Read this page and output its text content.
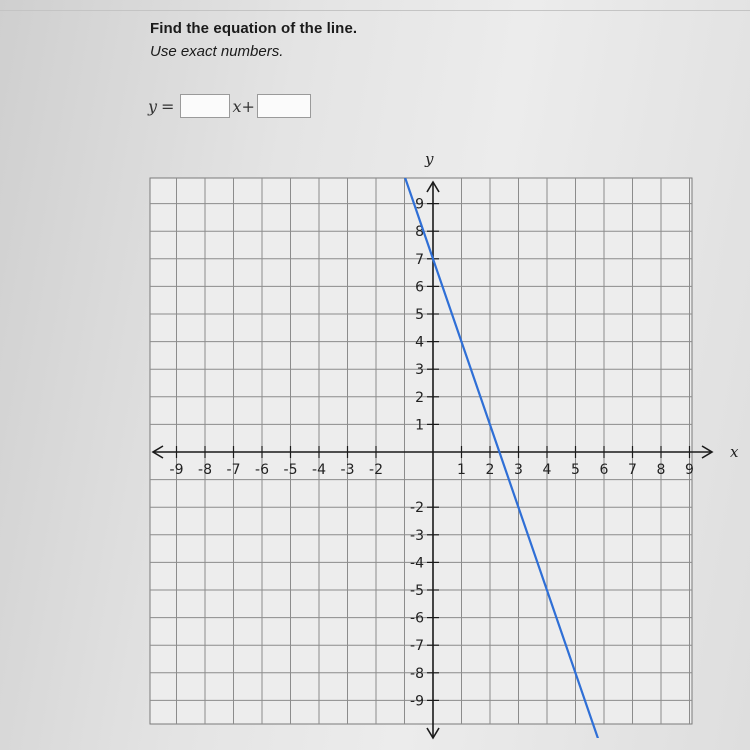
Find the equation of the line.

Use exact numbers.

y =	x +
-9 -8 -7 -6 -5 -4 -3 -2	1 2 3 4 5 6 7 8 9
9
8
7
6
5
4
3
2
1
-2
-3
-4
-5
-6
-7
-8
-9
x
y
